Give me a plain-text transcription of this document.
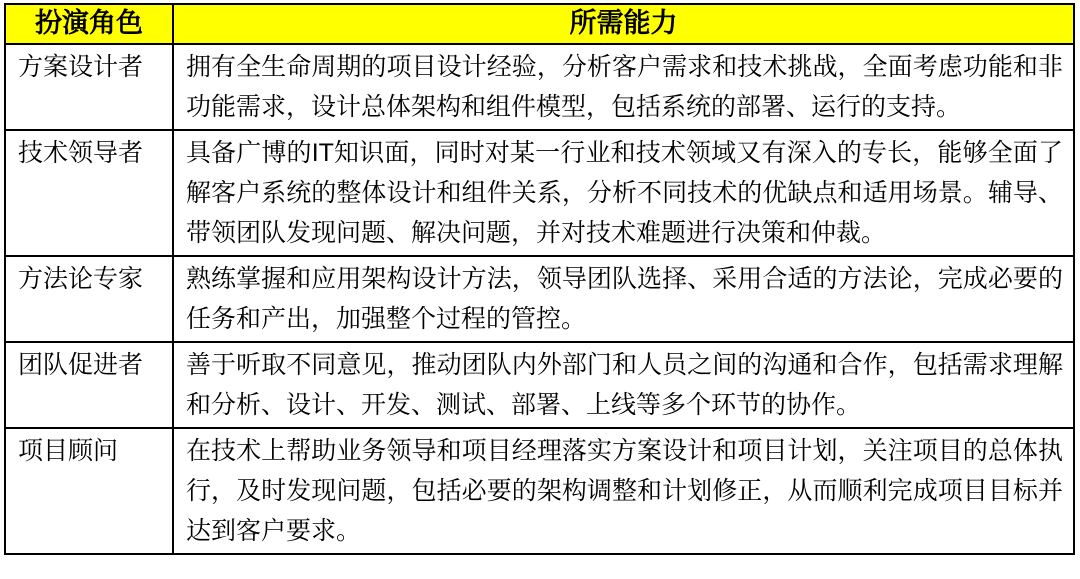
扮演角色	所需能力
方案设计者	拥有全生命周期的项目设计经验，分析客户需求和技术挑战，全面考虑功能和非功能需求，设计总体架构和组件模型，包括系统的部署、运行的支持。
技术领导者	具备广博的IT知识面，同时对某一行业和技术领域又有深入的专长，能够全面了解客户系统的整体设计和组件关系，分析不同技术的优缺点和适用场景。辅导、带领团队发现问题、解决问题，并对技术难题进行决策和仲裁。
方法论专家	熟练掌握和应用架构设计方法，领导团队选择、采用合适的方法论，完成必要的任务和产出，加强整个过程的管控。
团队促进者	善于听取不同意见，推动团队内外部门和人员之间的沟通和合作，包括需求理解和分析、设计、开发、测试、部署、上线等多个环节的协作。
项目顾问	在技术上帮助业务领导和项目经理落实方案设计和项目计划，关注项目的总体执行，及时发现问题，包括必要的架构调整和计划修正，从而顺利完成项目目标并达到客户要求。
